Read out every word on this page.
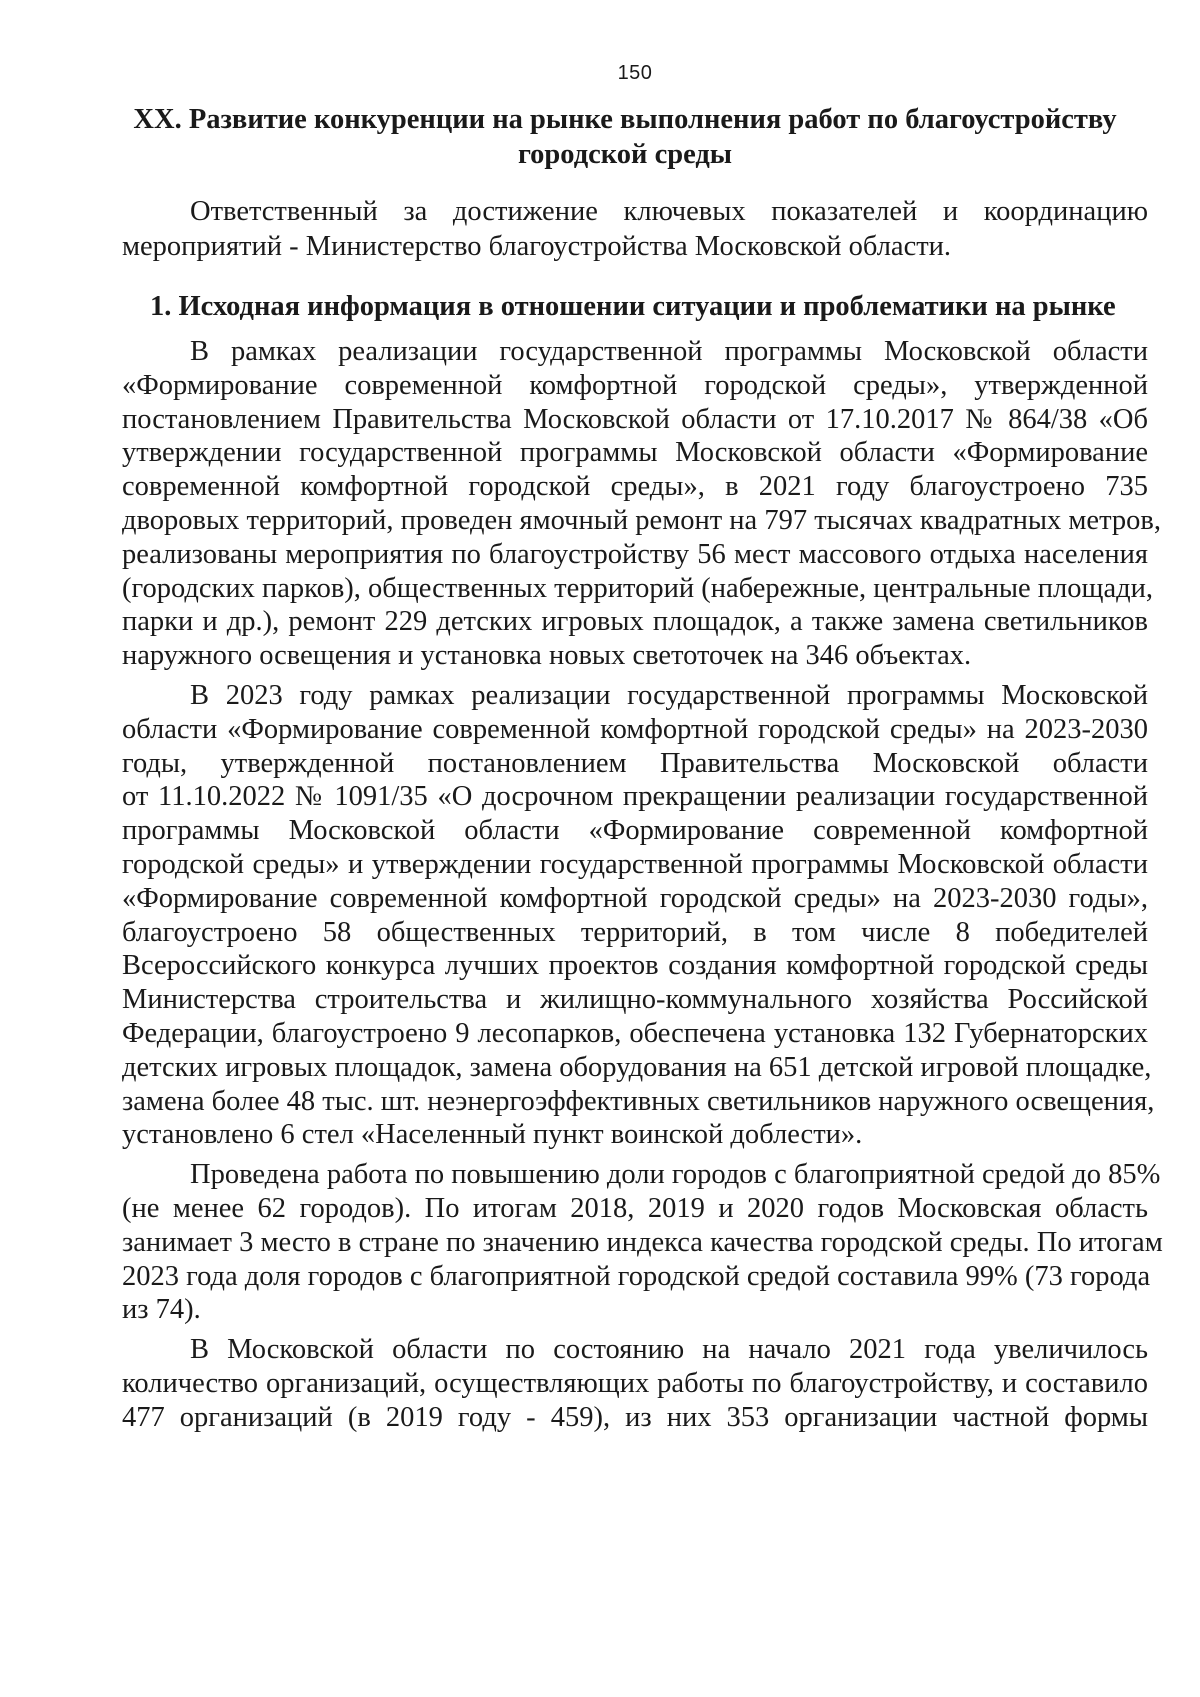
150
XX. Развитие конкуренции на рынке выполнения работ по благоустройству
городской среды
Ответственный за достижение ключевых показателей и координацию
мероприятий - Министерство благоустройства Московской области.
1. Исходная информация в отношении ситуации и проблематики на рынке
В рамках реализации государственной программы Московской области
«Формирование современной комфортной городской среды», утвержденной
постановлением Правительства Московской области от 17.10.2017 № 864/38 «Об
утверждении государственной программы Московской области «Формирование
современной комфортной городской среды», в 2021 году благоустроено 735
дворовых территорий, проведен ямочный ремонт на 797 тысячах квадратных метров,
реализованы мероприятия по благоустройству 56 мест массового отдыха населения
(городских парков), общественных территорий (набережные, центральные площади,
парки и др.), ремонт 229 детских игровых площадок, а также замена светильников
наружного освещения и установка новых светоточек на 346 объектах.
В 2023 году рамках реализации государственной программы Московской
области «Формирование современной комфортной городской среды» на 2023-2030
годы, утвержденной постановлением Правительства Московской области
от 11.10.2022 № 1091/35 «О досрочном прекращении реализации государственной
программы Московской области «Формирование современной комфортной
городской среды» и утверждении государственной программы Московской области
«Формирование современной комфортной городской среды» на 2023-2030 годы»,
благоустроено 58 общественных территорий, в том числе 8 победителей
Всероссийского конкурса лучших проектов создания комфортной городской среды
Министерства строительства и жилищно-коммунального хозяйства Российской
Федерации, благоустроено 9 лесопарков, обеспечена установка 132 Губернаторских
детских игровых площадок, замена оборудования на 651 детской игровой площадке,
замена более 48 тыс. шт. неэнергоэффективных светильников наружного освещения,
установлено 6 стел «Населенный пункт воинской доблести».
Проведена работа по повышению доли городов с благоприятной средой до 85%
(не менее 62 городов). По итогам 2018, 2019 и 2020 годов Московская область
занимает 3 место в стране по значению индекса качества городской среды. По итогам
2023 года доля городов с благоприятной городской средой составила 99% (73 города
из 74).
В Московской области по состоянию на начало 2021 года увеличилось
количество организаций, осуществляющих работы по благоустройству, и составило
477 организаций (в 2019 году - 459), из них 353 организации частной формы
